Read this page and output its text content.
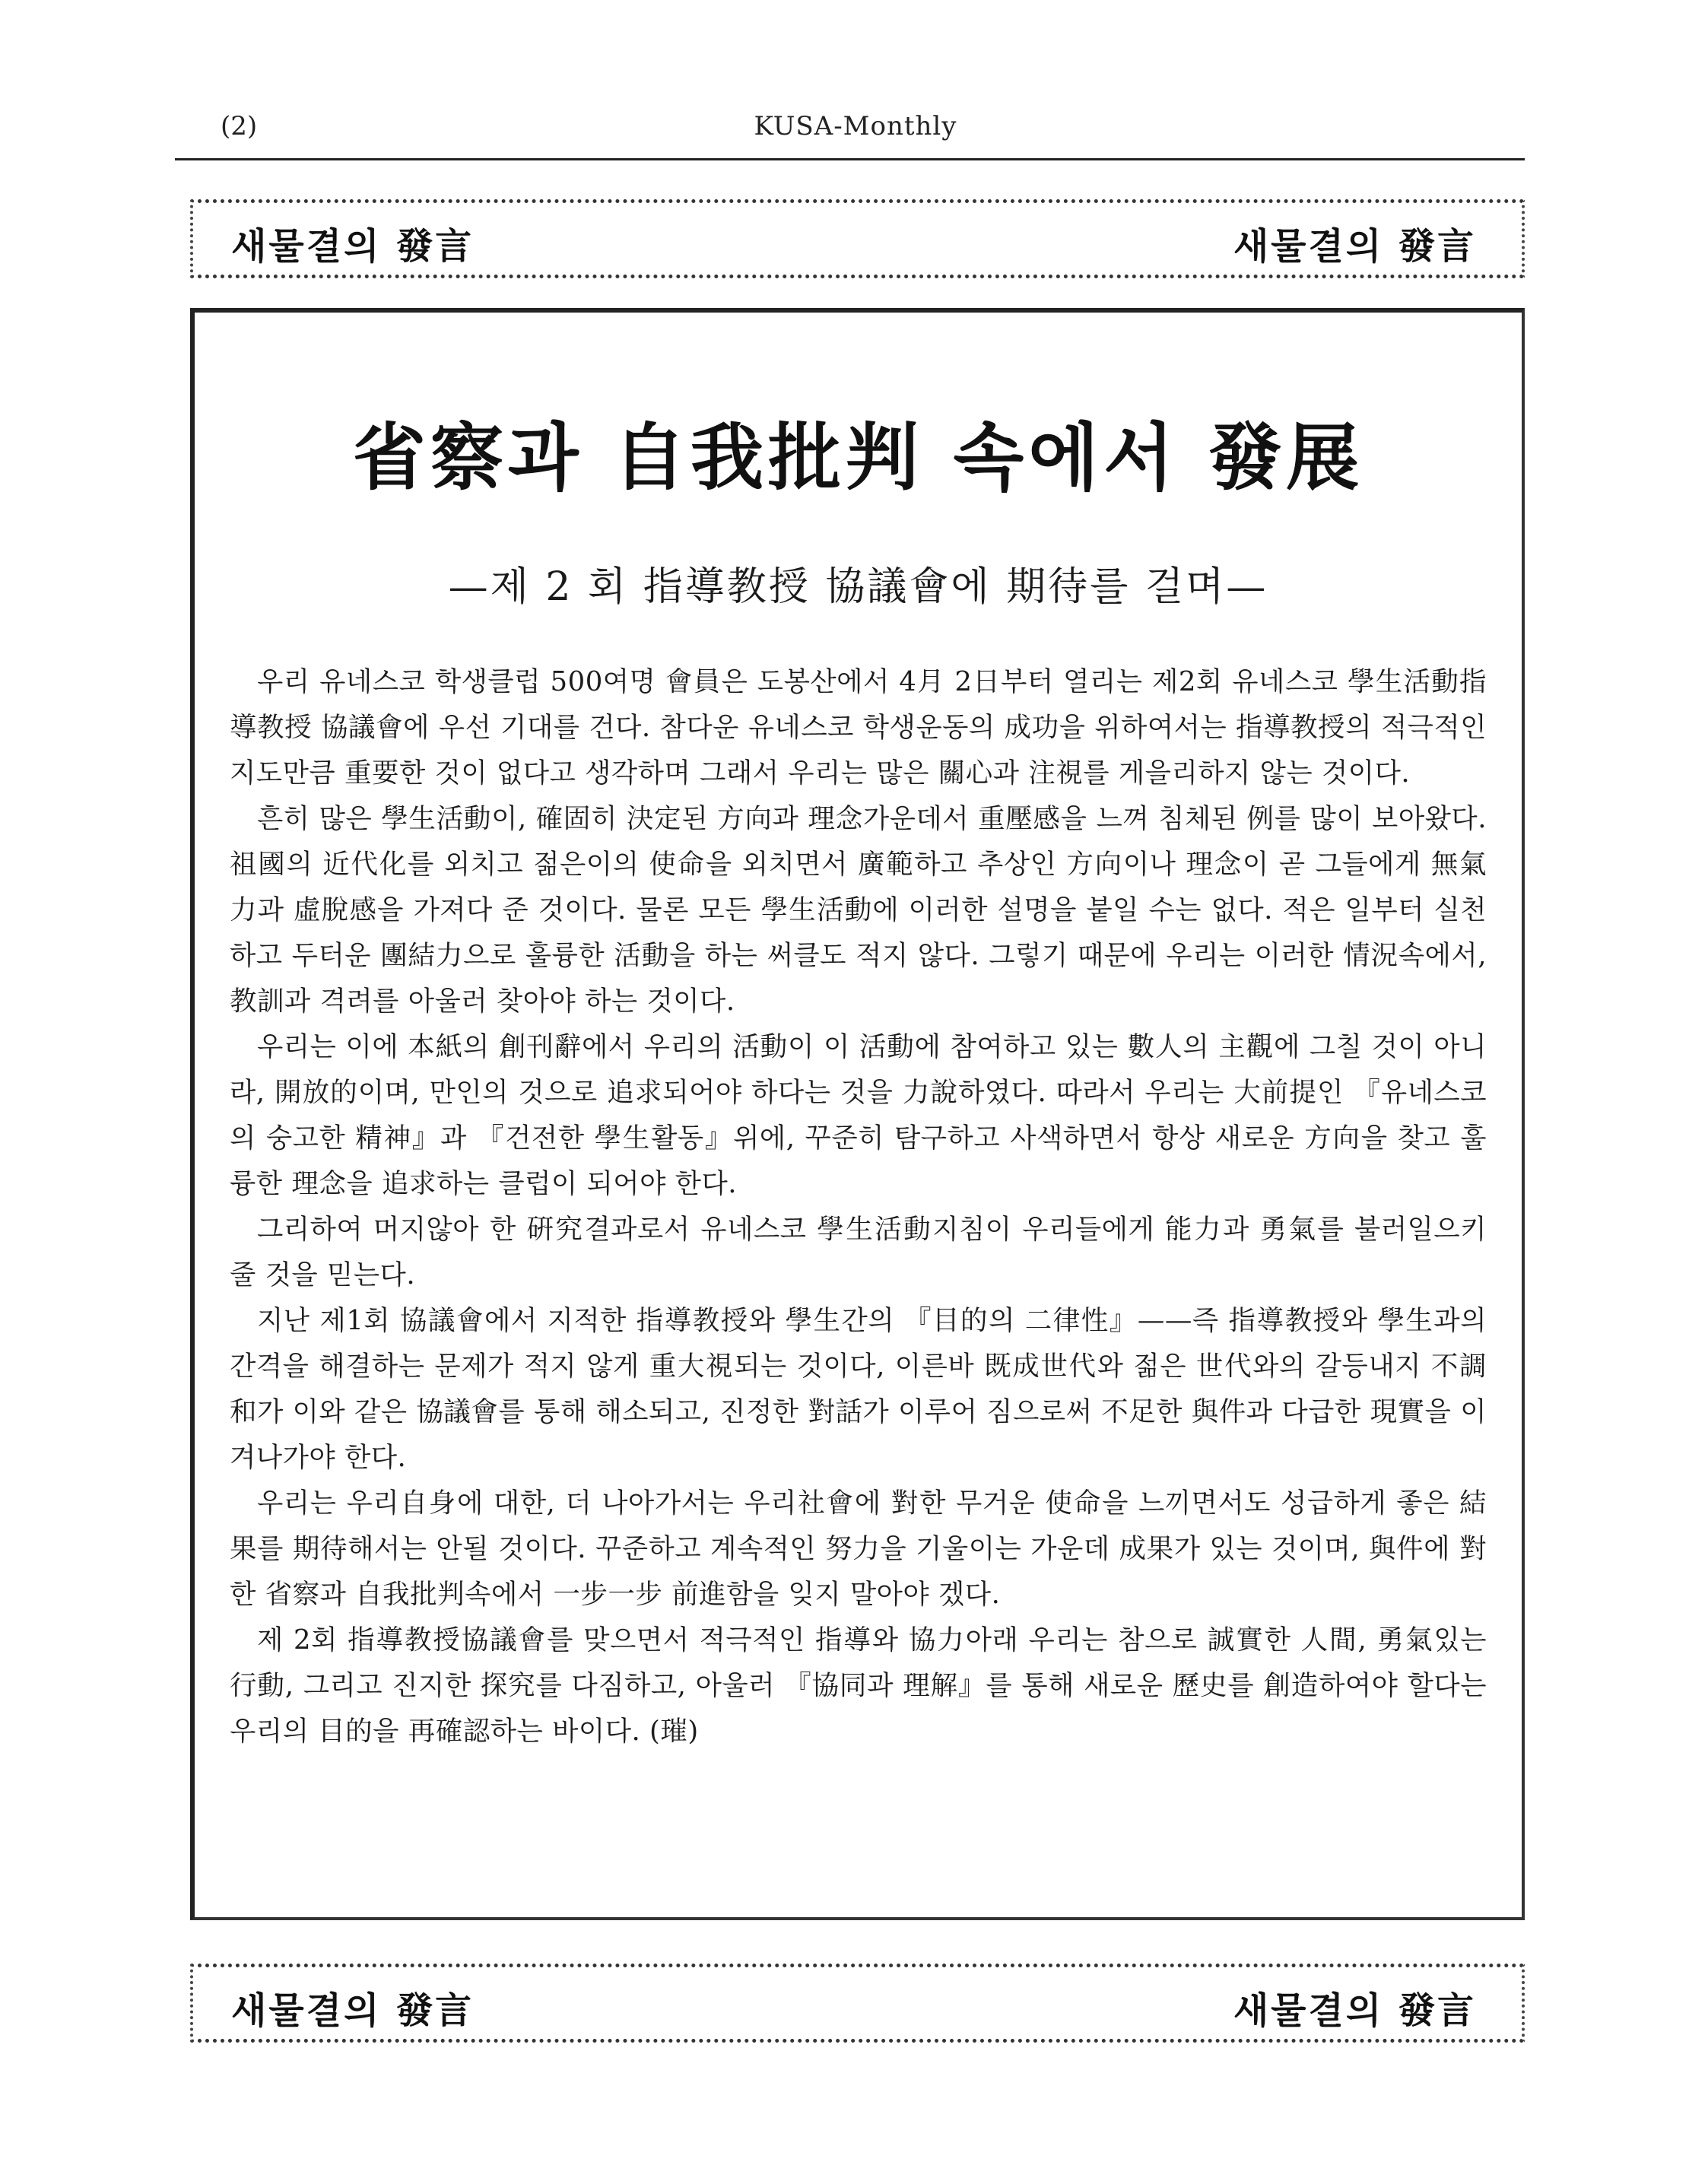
(2)	KUSA-Monthly
새물결의 發言	새물결의 發言
省察과 自我批判 속에서 發展
—제 2 회 指導教授 協議會에 期待를 걸며—

우리 유네스코 학생클럽 500여명 會員은 도봉산에서 4月 2日부터 열리는 제2회 유네스코 學生活動指導教授 協議會에 우선 기대를 건다. 참다운 유네스코 학생운동의 成功을 위하여서는 指導教授의 적극적인 지도만큼 重要한 것이 없다고 생각하며 그래서 우리는 많은 關心과 注視를 게을리하지 않는 것이다.

흔히 많은 學生活動이, 確固히 決定된 方向과 理念가운데서 重壓感을 느껴 침체된 例를 많이 보아왔다. 祖國의 近代化를 외치고 젊은이의 使命을 외치면서 廣範하고 추상인 方向이나 理念이 곧 그들에게 無氣力과 虛脫感을 가져다 준 것이다. 물론 모든 學生活動에 이러한 설명을 붙일 수는 없다. 적은 일부터 실천하고 두터운 團結力으로 훌륭한 活動을 하는 써클도 적지 않다. 그렇기 때문에 우리는 이러한 情況속에서, 教訓과 격려를 아울러 찾아야 하는 것이다.

우리는 이에 本紙의 創刊辭에서 우리의 活動이 이 活動에 참여하고 있는 數人의 主觀에 그칠 것이 아니라, 開放的이며, 만인의 것으로 追求되어야 하다는 것을 力說하였다. 따라서 우리는 大前提인 『유네스코의 숭고한 精神』과 『건전한 學生활동』위에, 꾸준히 탐구하고 사색하면서 항상 새로운 方向을 찾고 훌륭한 理念을 追求하는 클럽이 되어야 한다.

그리하여 머지않아 한 硏究결과로서 유네스코 學生活動지침이 우리들에게 能力과 勇氣를 불러일으키 줄 것을 믿는다.

지난 제1회 協議會에서 지적한 指導教授와 學生간의 『目的의 二律性』——즉 指導教授와 學生과의 간격을 해결하는 문제가 적지 않게 重大視되는 것이다, 이른바 既成世代와 젊은 世代와의 갈등내지 不調和가 이와 같은 協議會를 통해 해소되고, 진정한 對話가 이루어 짐으로써 不足한 與件과 다급한 現實을 이겨나가야 한다.

우리는 우리自身에 대한, 더 나아가서는 우리社會에 對한 무거운 使命을 느끼면서도 성급하게 좋은 結果를 期待해서는 안될 것이다. 꾸준하고 계속적인 努力을 기울이는 가운데 成果가 있는 것이며, 與件에 對한 省察과 自我批判속에서 一步一步 前進함을 잊지 말아야 겠다.

제 2회 指導教授協議會를 맞으면서 적극적인 指導와 協力아래 우리는 참으로 誠實한 人間, 勇氣있는 行動, 그리고 진지한 探究를 다짐하고, 아울러 『協同과 理解』를 통해 새로운 歷史를 創造하여야 할다는 우리의 目的을 再確認하는 바이다. (璀)

새물결의 發言	새물결의 發言
